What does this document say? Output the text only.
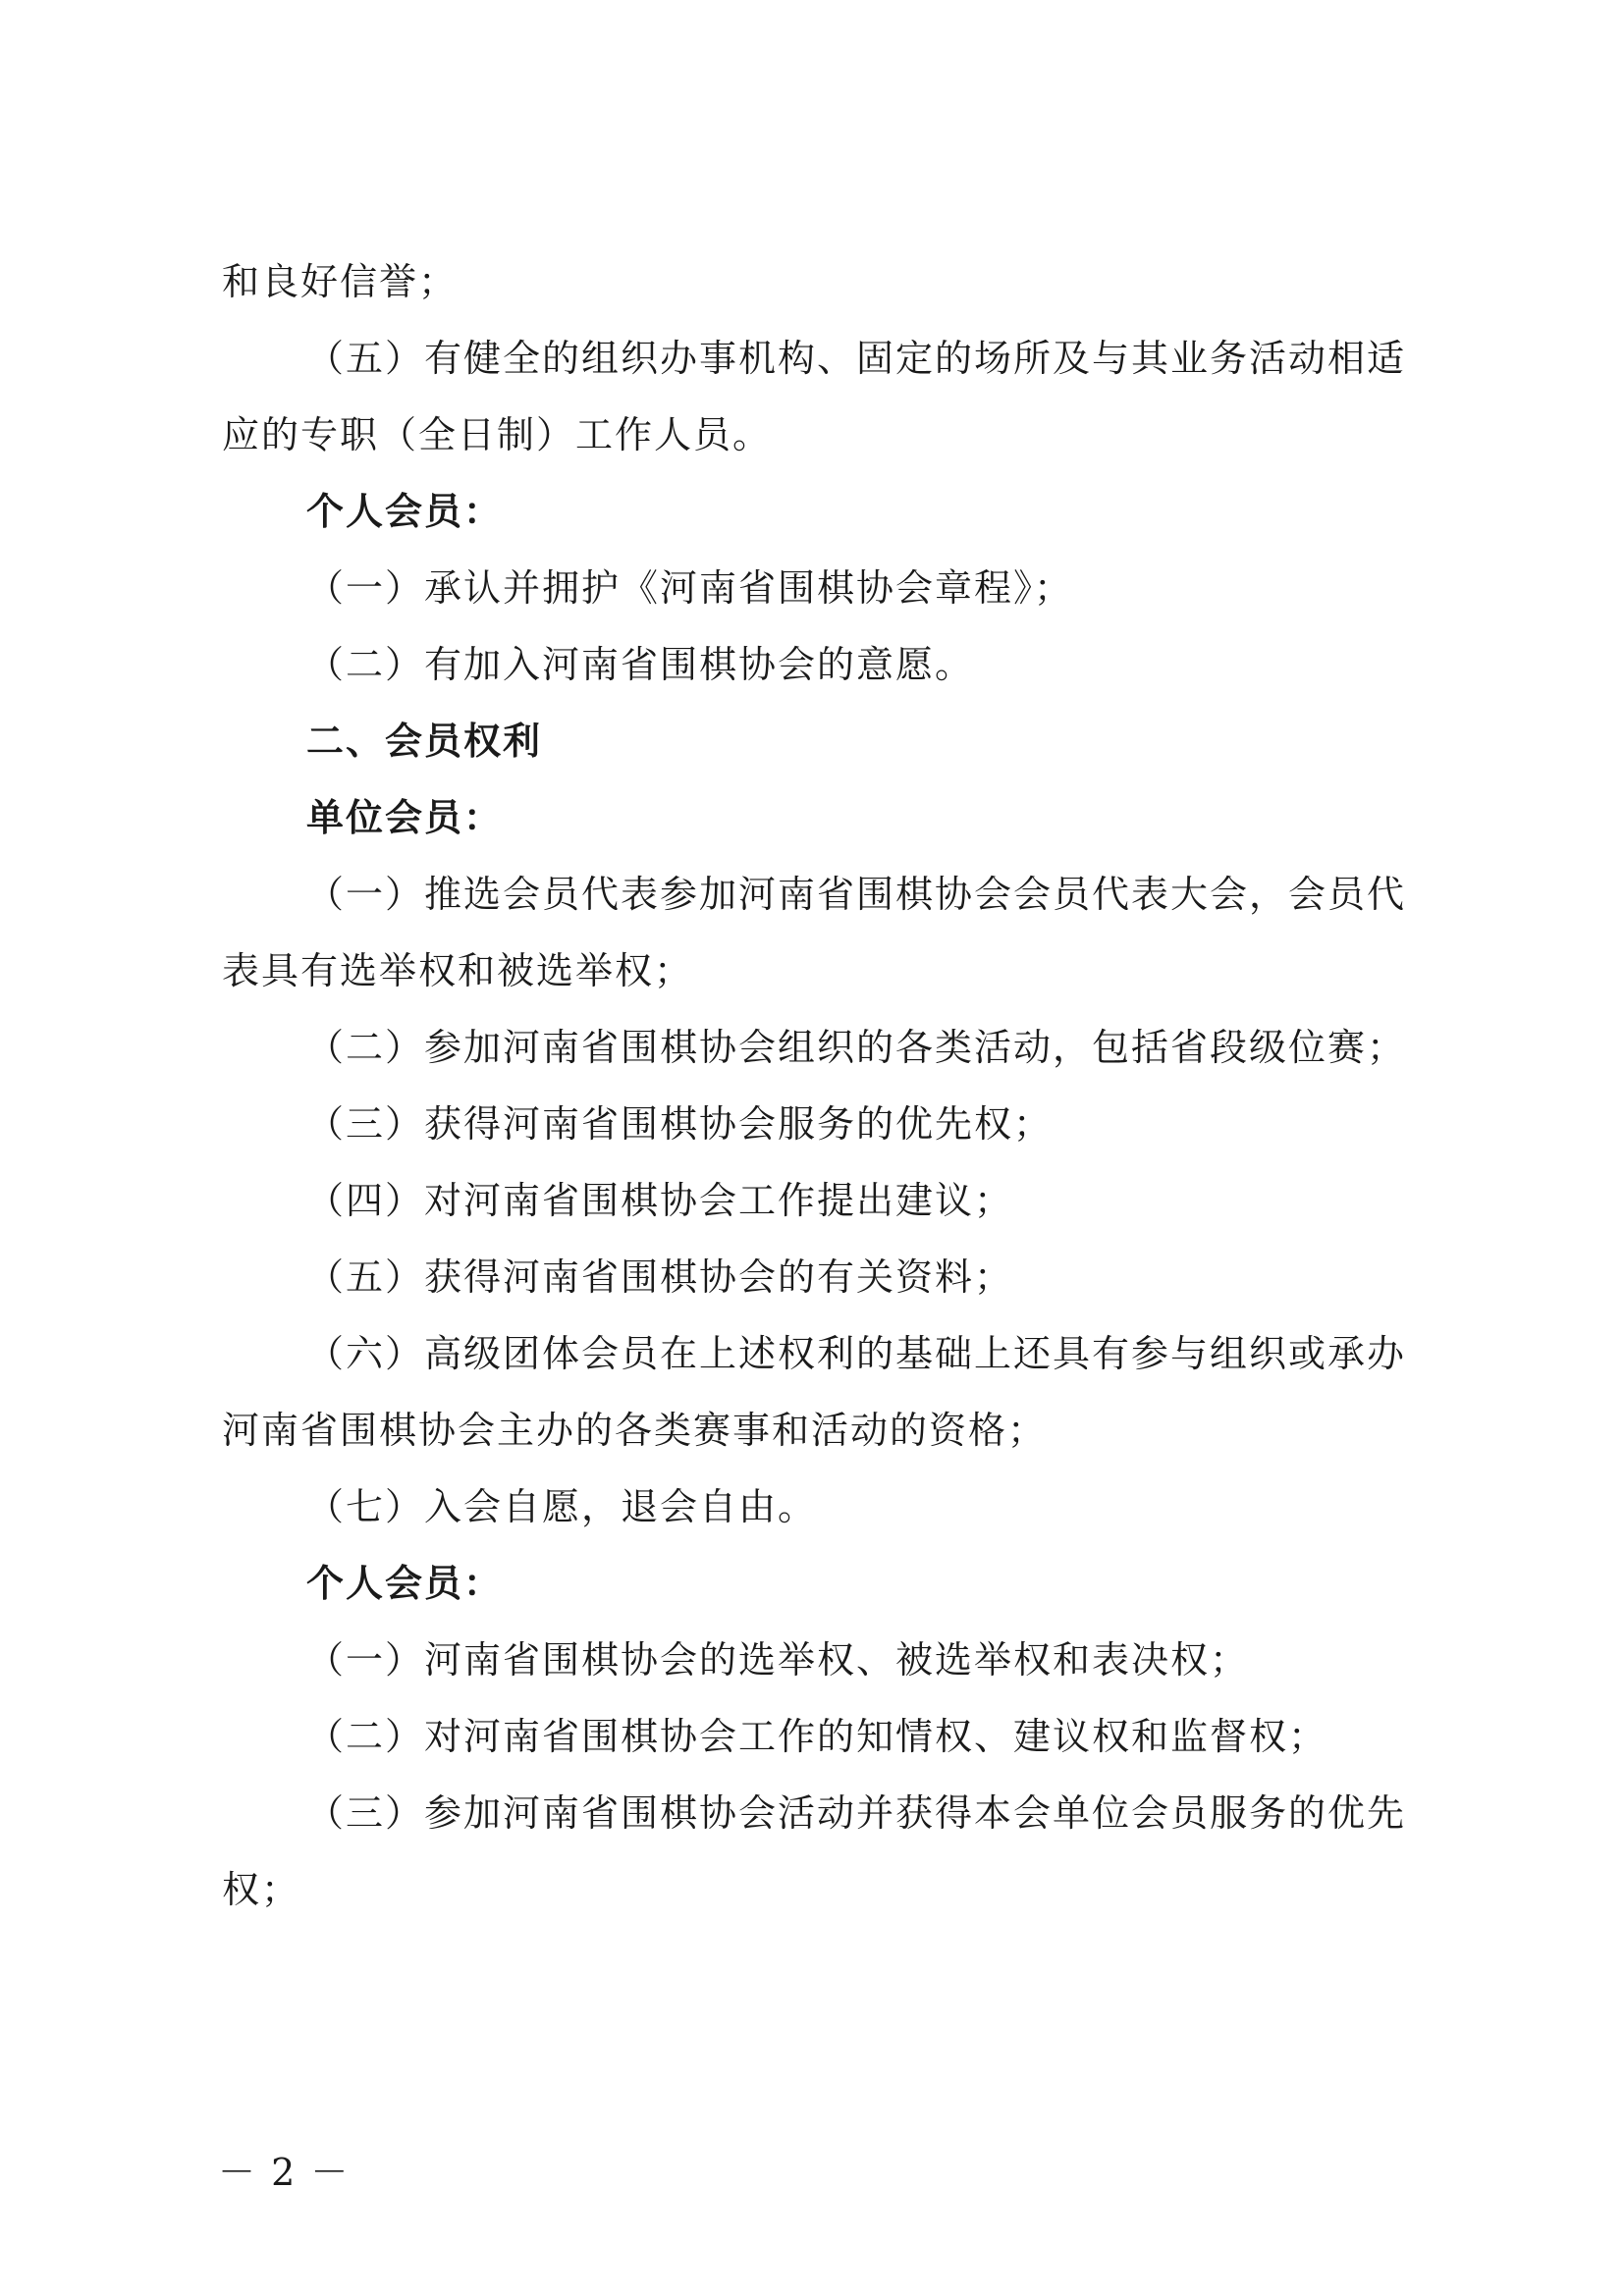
和良好信誉；

（五）有健全的组织办事机构、固定的场所及与其业务活动相适应的专职（全日制）工作人员。

个人会员：

（一）承认并拥护《河南省围棋协会章程》；

（二）有加入河南省围棋协会的意愿。

二、会员权利

单位会员：

（一）推选会员代表参加河南省围棋协会会员代表大会，会员代表具有选举权和被选举权；

（二）参加河南省围棋协会组织的各类活动，包括省段级位赛；

（三）获得河南省围棋协会服务的优先权；

（四）对河南省围棋协会工作提出建议；

（五）获得河南省围棋协会的有关资料；

（六）高级团体会员在上述权利的基础上还具有参与组织或承办河南省围棋协会主办的各类赛事和活动的资格；

（七）入会自愿，退会自由。

个人会员：

（一）河南省围棋协会的选举权、被选举权和表决权；

（二）对河南省围棋协会工作的知情权、建议权和监督权；

（三）参加河南省围棋协会活动并获得本会单位会员服务的优先权；

－ 2 －
